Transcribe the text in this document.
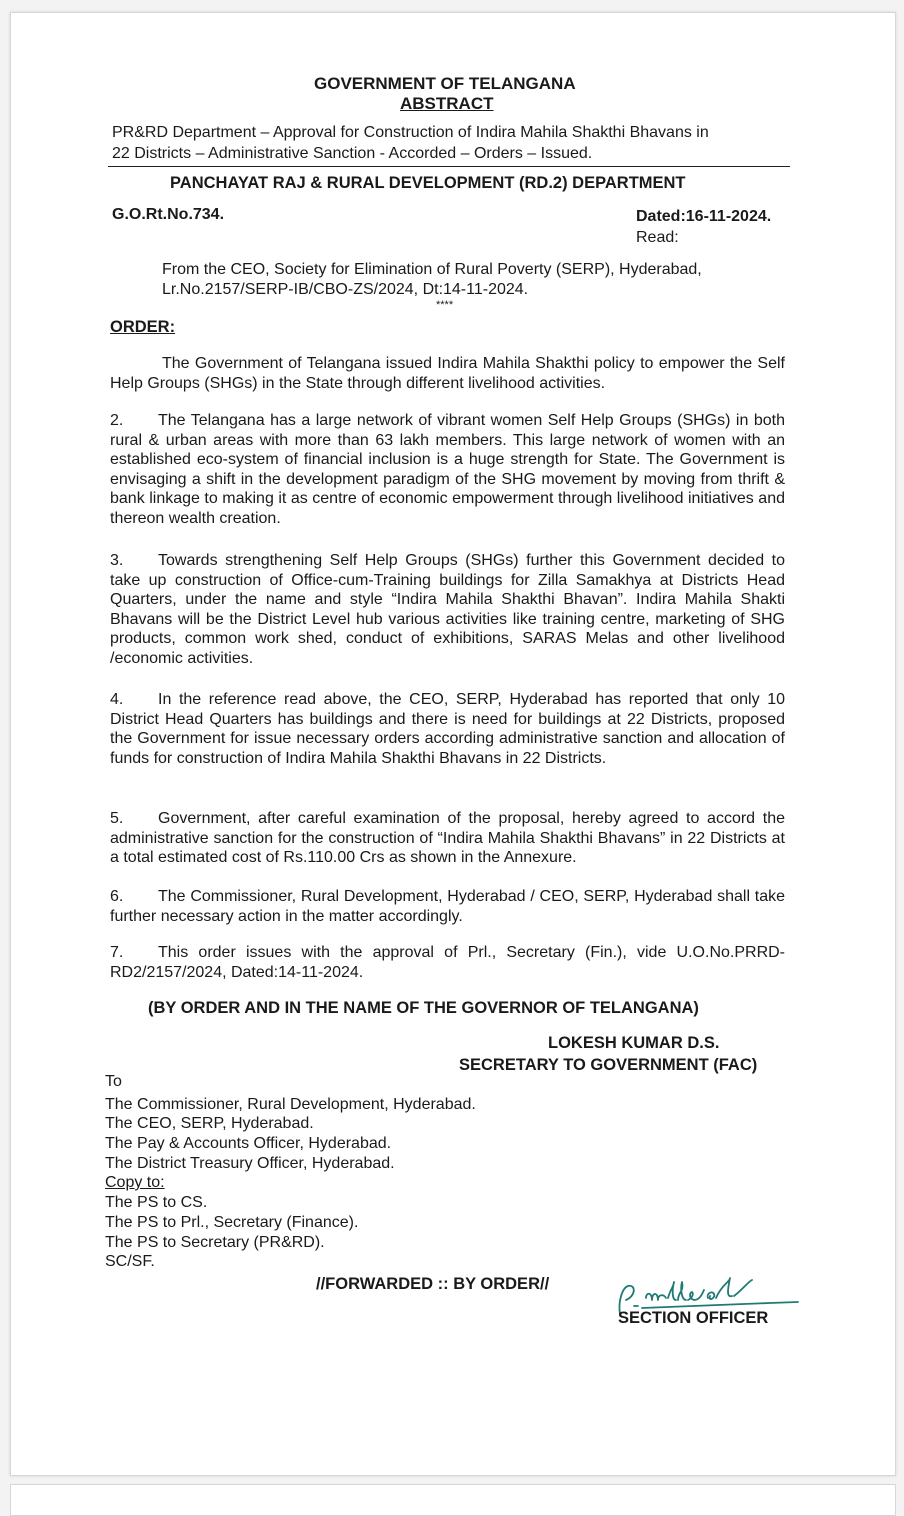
GOVERNMENT OF TELANGANA
ABSTRACT
PR&RD Department – Approval for Construction of Indira Mahila Shakthi Bhavans in
22 Districts – Administrative Sanction - Accorded – Orders – Issued.
PANCHAYAT RAJ & RURAL DEVELOPMENT (RD.2) DEPARTMENT
G.O.Rt.No.734.	Dated:16-11-2024.
Read:
From the CEO, Society for Elimination of Rural Poverty (SERP), Hyderabad,
Lr.No.2157/SERP-IB/CBO-ZS/2024, Dt:14-11-2024.
****
ORDER:
The Government of Telangana issued Indira Mahila Shakthi policy to empower the Self Help Groups (SHGs) in the State through different livelihood activities.
2. The Telangana has a large network of vibrant women Self Help Groups (SHGs) in both rural & urban areas with more than 63 lakh members. This large network of women with an established eco-system of financial inclusion is a huge strength for State. The Government is envisaging a shift in the development paradigm of the SHG movement by moving from thrift & bank linkage to making it as centre of economic empowerment through livelihood initiatives and thereon wealth creation.
3. Towards strengthening Self Help Groups (SHGs) further this Government decided to take up construction of Office-cum-Training buildings for Zilla Samakhya at Districts Head Quarters, under the name and style “Indira Mahila Shakthi Bhavan”. Indira Mahila Shakti Bhavans will be the District Level hub various activities like training centre, marketing of SHG products, common work shed, conduct of exhibitions, SARAS Melas and other livelihood /economic activities.
4. In the reference read above, the CEO, SERP, Hyderabad has reported that only 10 District Head Quarters has buildings and there is need for buildings at 22 Districts, proposed the Government for issue necessary orders according administrative sanction and allocation of funds for construction of Indira Mahila Shakthi Bhavans in 22 Districts.
5. Government, after careful examination of the proposal, hereby agreed to accord the administrative sanction for the construction of “Indira Mahila Shakthi Bhavans” in 22 Districts at a total estimated cost of Rs.110.00 Crs as shown in the Annexure.
6. The Commissioner, Rural Development, Hyderabad / CEO, SERP, Hyderabad shall take further necessary action in the matter accordingly.
7. This order issues with the approval of Prl., Secretary (Fin.), vide U.O.No.PRRD-RD2/2157/2024, Dated:14-11-2024.
(BY ORDER AND IN THE NAME OF THE GOVERNOR OF TELANGANA)
LOKESH KUMAR D.S.
SECRETARY TO GOVERNMENT (FAC)
To
The Commissioner, Rural Development, Hyderabad.
The CEO, SERP, Hyderabad.
The Pay & Accounts Officer, Hyderabad.
The District Treasury Officer, Hyderabad.
Copy to:
The PS to CS.
The PS to Prl., Secretary (Finance).
The PS to Secretary (PR&RD).
SC/SF.
//FORWARDED :: BY ORDER//
SECTION OFFICER
